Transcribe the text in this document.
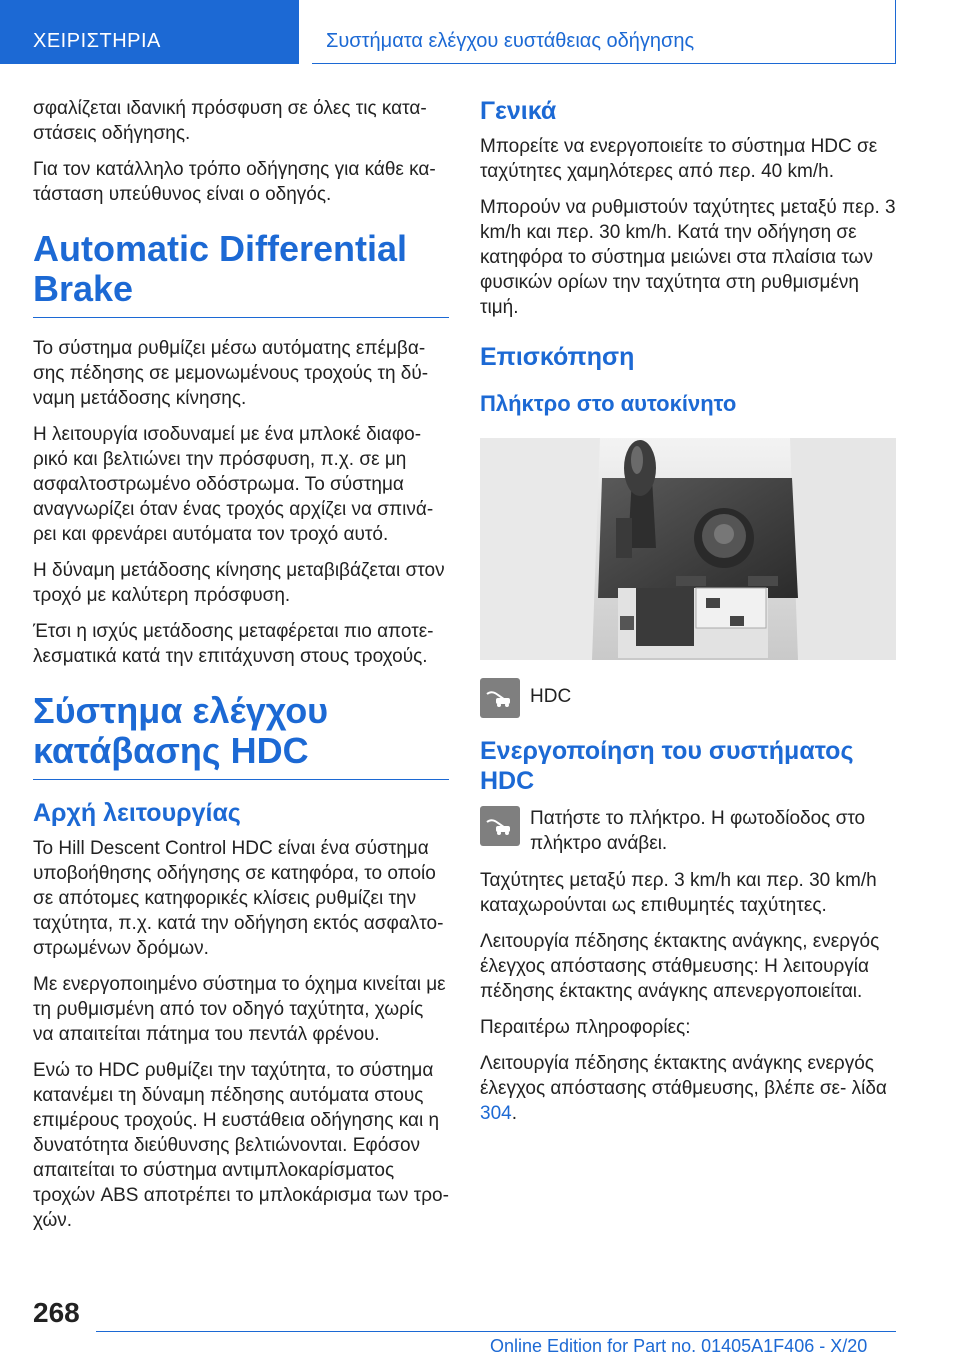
ΧΕΙΡΙΣΤΗΡΙΑ	Συστήματα ελέγχου ευστάθειας οδήγησης

σφαλίζεται ιδανική πρόσφυση σε όλες τις κατα‐ στάσεις οδήγησης.

Για τον κατάλληλο τρόπο οδήγησης για κάθε κα‐ τάσταση υπεύθυνος είναι ο οδηγός.

Automatic Differential Brake

Το σύστημα ρυθμίζει μέσω αυτόματης επέμβα‐ σης πέδησης σε μεμονωμένους τροχούς τη δύ‐ ναμη μετάδοσης κίνησης.

Η λειτουργία ισοδυναμεί με ένα μπλοκέ διαφο‐ ρικό και βελτιώνει την πρόσφυση, π.χ. σε μη ασφαλτοστρωμένο οδόστρωμα. Το σύστημα αναγνωρίζει όταν ένας τροχός αρχίζει να σπινά‐ ρει και φρενάρει αυτόματα τον τροχό αυτό.

Η δύναμη μετάδοσης κίνησης μεταβιβάζεται στον τροχό με καλύτερη πρόσφυση.

Έτσι η ισχύς μετάδοσης μεταφέρεται πιο αποτε‐ λεσματικά κατά την επιτάχυνση στους τροχούς.

Σύστημα ελέγχου κατάβασης HDC
Αρχή λειτουργίας

Το Hill Descent Control HDC είναι ένα σύστημα υποβοήθησης οδήγησης σε κατηφόρα, το οποίο σε απότομες κατηφορικές κλίσεις ρυθμίζει την ταχύτητα, π.χ. κατά την οδήγηση εκτός ασφαλτο‐ στρωμένων δρόμων.

Με ενεργοποιημένο σύστημα το όχημα κινείται με τη ρυθμισμένη από τον οδηγό ταχύτητα, χωρίς να απαιτείται πάτημα του πεντάλ φρένου.

Ενώ το HDC ρυθμίζει την ταχύτητα, το σύστημα κατανέμει τη δύναμη πέδησης αυτόματα στους επιμέρους τροχούς. Η ευστάθεια οδήγησης και η δυνατότητα διεύθυνσης βελτιώνονται. Εφόσον απαιτείται το σύστημα αντιμπλοκαρίσματος τροχών ABS αποτρέπει το μπλοκάρισμα των τρο‐ χών.

Γενικά

Μπορείτε να ενεργοποιείτε το σύστημα HDC σε ταχύτητες χαμηλότερες από περ. 40 km/h.

Μπορούν να ρυθμιστούν ταχύτητες μεταξύ περ. 3 km/h και περ. 30 km/h. Κατά την οδήγηση σε κατηφόρα το σύστημα μειώνει στα πλαίσια των φυσικών ορίων την ταχύτητα στη ρυθμισμένη τιμή.

Επισκόπηση
Πλήκτρο στο αυτοκίνητο

HDC

Ενεργοποίηση του συστήματος HDC

Πατήστε το πλήκτρο. Η φωτοδίοδος στο πλήκτρο ανάβει.

Ταχύτητες μεταξύ περ. 3 km/h και περ. 30 km/h καταχωρούνται ως επιθυμητές ταχύτητες.

Λειτουργία πέδησης έκτακτης ανάγκης, ενεργός έλεγχος απόστασης στάθμευσης: Η λειτουργία πέδησης έκτακτης ανάγκης απενεργοποιείται.

Περαιτέρω πληροφορίες:

Λειτουργία πέδησης έκτακτης ανάγκης ενεργός έλεγχος απόστασης στάθμευσης, βλέπε σε‐ λίδα 304.

268
Online Edition for Part no. 01405A1F406 - X/20
